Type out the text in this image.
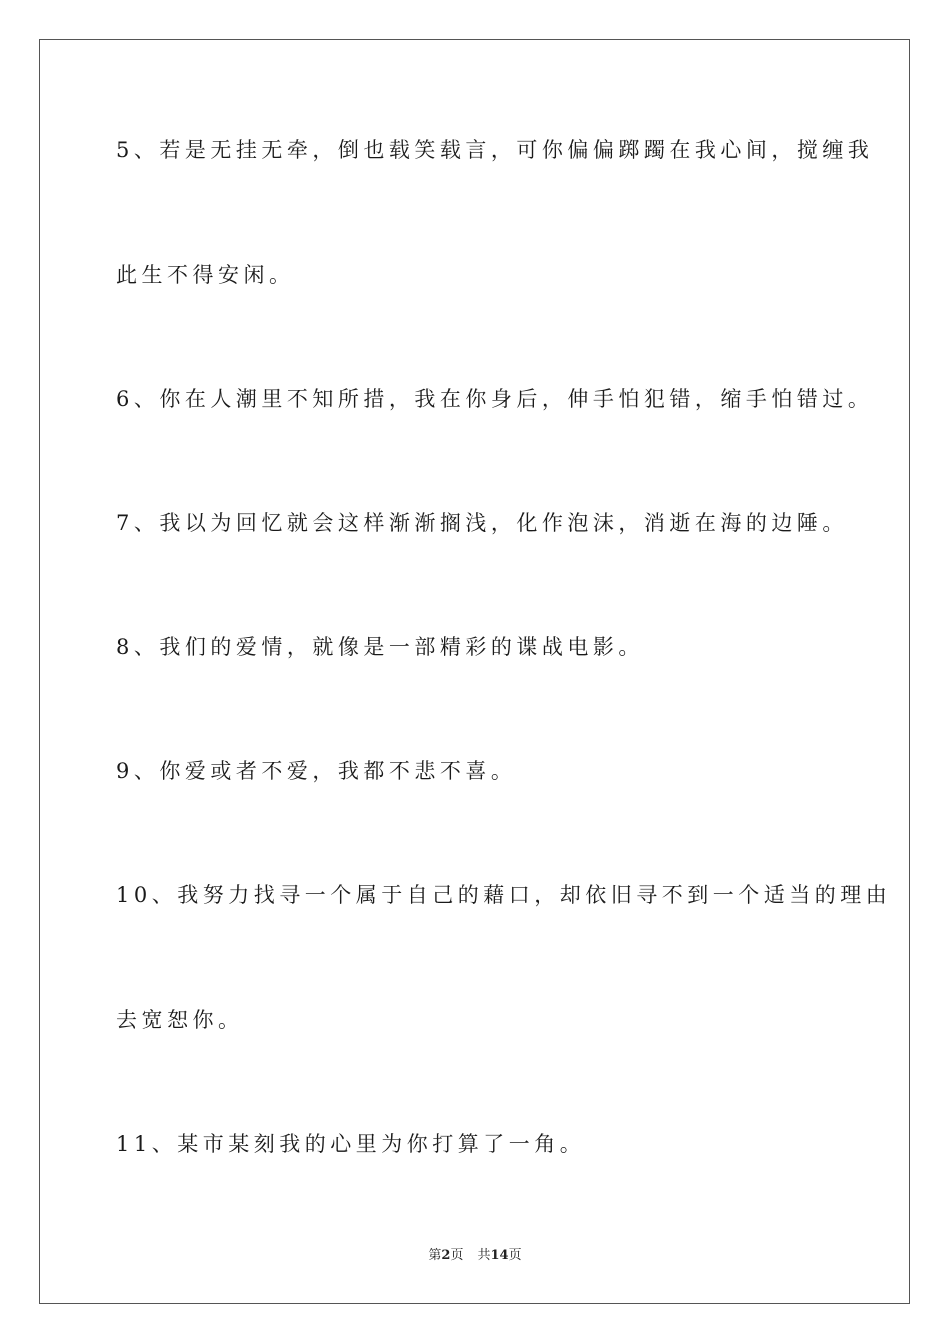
5、若是无挂无牵，倒也载笑载言，可你偏偏踯躅在我心间，搅缠我
此生不得安闲。
6、你在人潮里不知所措，我在你身后，伸手怕犯错，缩手怕错过。
7、我以为回忆就会这样渐渐搁浅，化作泡沫，消逝在海的边陲。
8、我们的爱情，就像是一部精彩的谍战电影。
9、你爱或者不爱，我都不悲不喜。
10、我努力找寻一个属于自己的藉口，却依旧寻不到一个适当的理由
去宽恕你。
11、某市某刻我的心里为你打算了一角。
第2页 共14页
